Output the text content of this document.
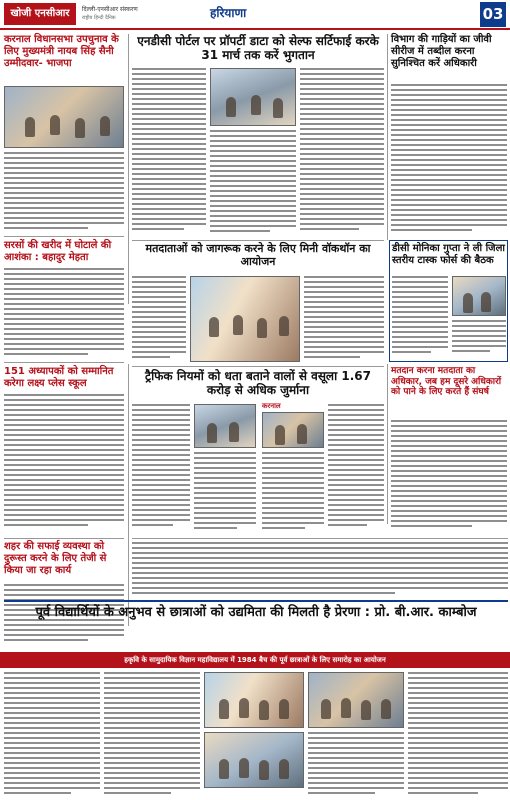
खोजी एनसीआर	दिल्ली-एनसीआर संस्करण
राष्ट्रीय हिन्दी दैनिक	हरियाणा	03
करनाल विधानसभा उपचुनाव के लिए मुख्यमंत्री नायब सिंह सैनी उम्मीदवार- भाजपा
सरसों की खरीद में घोटाले की आशंका : बहादुर मेहता
एनडीसी पोर्टल पर प्रॉपर्टी डाटा को सेल्फ सर्टिफाई करके 31 मार्च तक करें भुगतान
विभाग की गाड़ियों का जीवी सीरीज में तब्दील करना सुनिश्चित करें अधिकारी
मतदाताओं को जागरूक करने के लिए मिनी वॉकथॉन का आयोजन
डीसी मोनिका गुप्ता ने ली जिला स्तरीय टास्क फोर्स की बैठक
151 अध्यापकों को सम्मानित करेगा लक्ष्य प्लेस स्कूल
ट्रैफिक नियमों को धता बताने वालों से वसूला 1.67 करोड़ से अधिक जुर्माना
करनाल
मतदान करना मतदाता का अधिकार, जब हम दूसरे अधिकारों को पाने के लिए करते हैं संघर्ष
शहर की सफाई व्यवस्था को दुरूस्त करने के लिए तेजी से किया जा रहा कार्य
पूर्व विद्यार्थियों के अनुभव से छात्राओं को उद्यमिता की मिलती है प्रेरणा : प्रो. बी.आर. काम्बोज
हकृवि के सामुदायिक विज्ञान महाविद्यालय में 1984 बैच की पूर्व छात्राओं के लिए समारोह का आयोजन
